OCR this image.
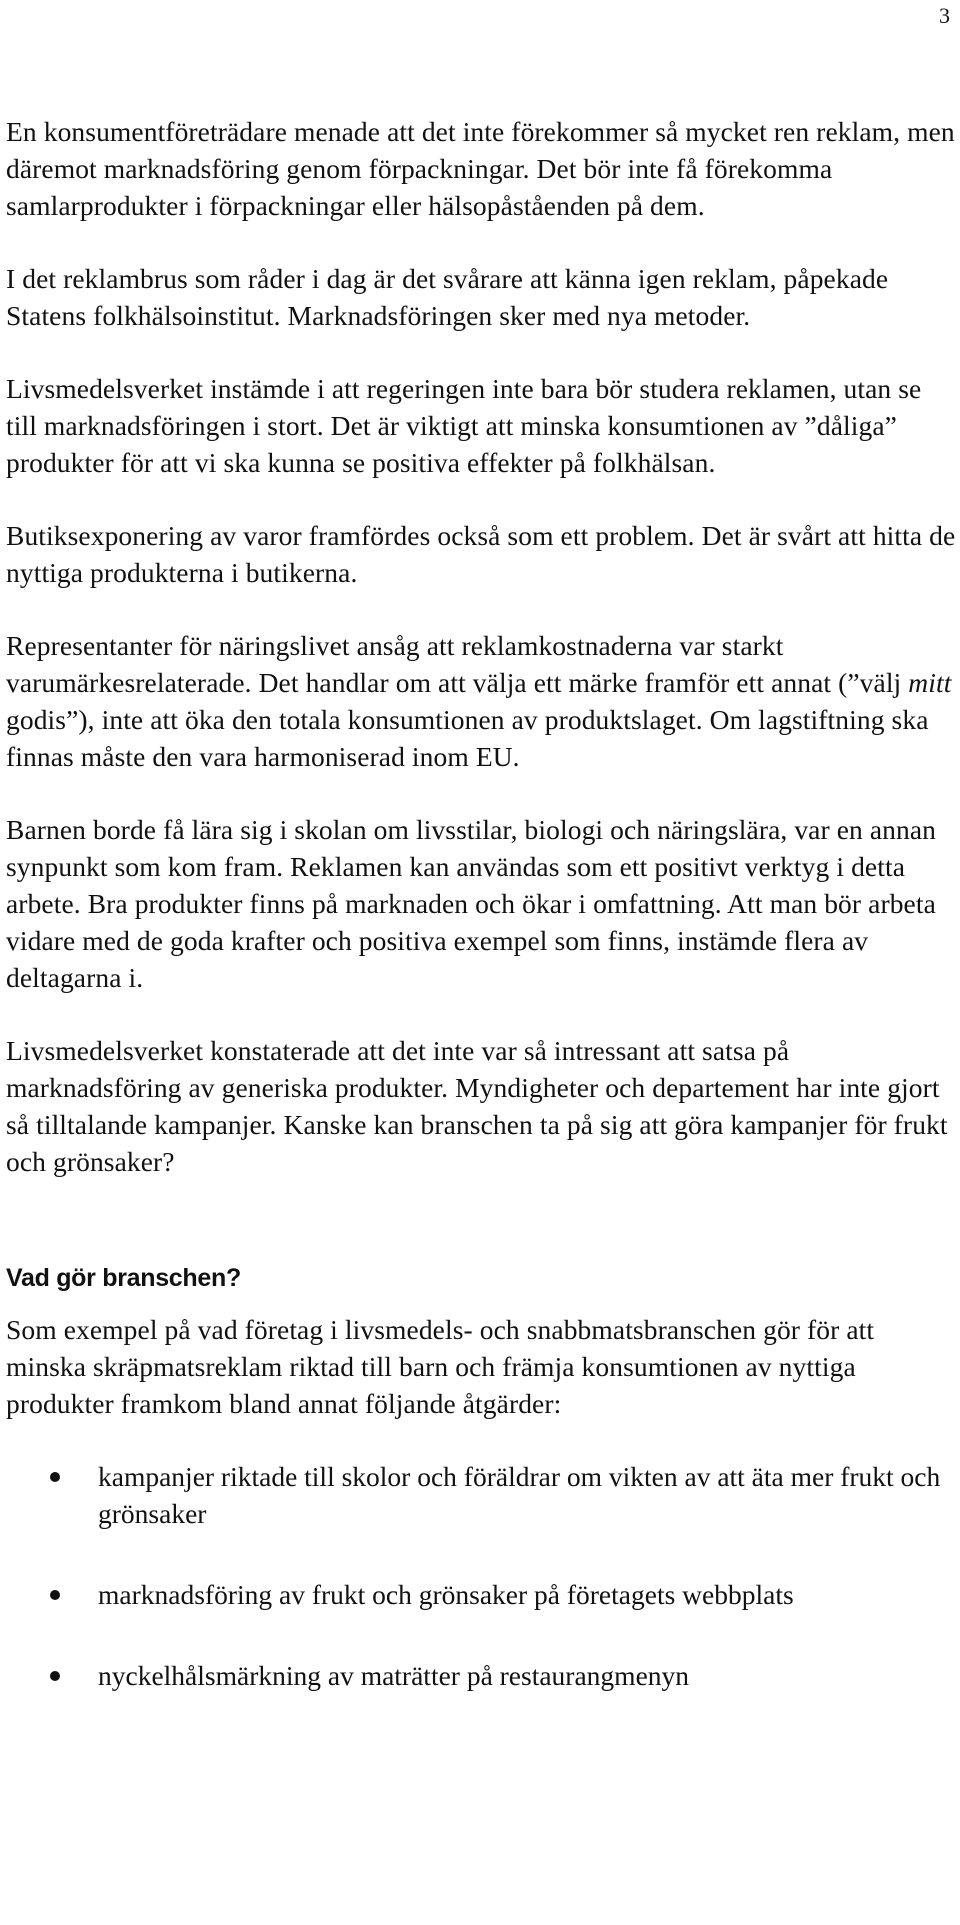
3

En konsumentföreträdare menade att det inte förekommer så mycket ren reklam, men däremot marknadsföring genom förpackningar. Det bör inte få förekomma samlarprodukter i förpackningar eller hälsopåståenden på dem.

I det reklambrus som råder i dag är det svårare att känna igen reklam, påpekade Statens folkhälsoinstitut. Marknadsföringen sker med nya metoder.

Livsmedelsverket instämde i att regeringen inte bara bör studera reklamen, utan se till marknadsföringen i stort. Det är viktigt att minska konsumtionen av ”dåliga” produkter för att vi ska kunna se positiva effekter på folkhälsan.

Butiksexponering av varor framfördes också som ett problem. Det är svårt att hitta de nyttiga produkterna i butikerna.

Representanter för näringslivet ansåg att reklamkostnaderna var starkt varumärkesrelaterade. Det handlar om att välja ett märke framför ett annat (”välj mitt godis”), inte att öka den totala konsumtionen av produktslaget. Om lagstiftning ska finnas måste den vara harmoniserad inom EU.

Barnen borde få lära sig i skolan om livsstilar, biologi och näringslära, var en annan synpunkt som kom fram. Reklamen kan användas som ett positivt verktyg i detta arbete. Bra produkter finns på marknaden och ökar i omfattning. Att man bör arbeta vidare med de goda krafter och positiva exempel som finns, instämde flera av deltagarna i.

Livsmedelsverket konstaterade att det inte var så intressant att satsa på marknadsföring av generiska produkter. Myndigheter och departement har inte gjort så tilltalande kampanjer. Kanske kan branschen ta på sig att göra kampanjer för frukt och grönsaker?

Vad gör branschen?

Som exempel på vad företag i livsmedels- och snabbmatsbranschen gör för att minska skräpmatsreklam riktad till barn och främja konsumtionen av nyttiga produkter framkom bland annat följande åtgärder:

kampanjer riktade till skolor och föräldrar om vikten av att äta mer frukt och grönsaker
marknadsföring av frukt och grönsaker på företagets webbplats
nyckelhålsmärkning av maträtter på restaurangmenyn
